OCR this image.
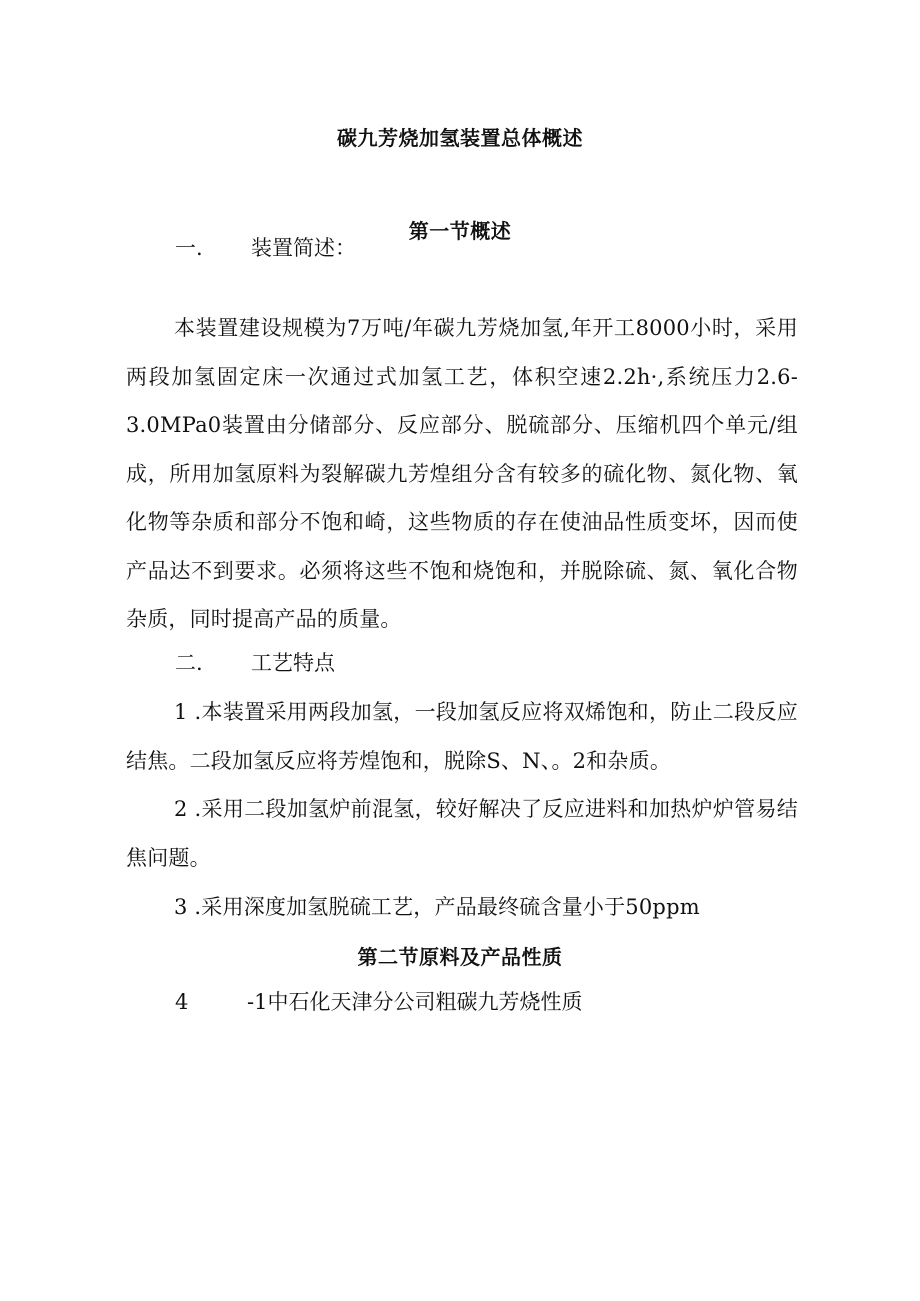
碳九芳烧加氢装置总体概述
第一节概述
一. 装置简述：
本装置建设规模为7万吨/年碳九芳烧加氢,年开工8000小时，采用两段加氢固定床一次通过式加氢工艺，体积空速2.2h·,系统压力2.6-3.0MPa0装置由分储部分、反应部分、脱硫部分、压缩机四个单元/组成，所用加氢原料为裂解碳九芳煌组分含有较多的硫化物、氮化物、氧化物等杂质和部分不饱和崎，这些物质的存在使油品性质变坏，因而使产品达不到要求。必须将这些不饱和烧饱和，并脱除硫、氮、氧化合物杂质，同时提高产品的质量。
二. 工艺特点
1 .本装置采用两段加氢，一段加氢反应将双烯饱和，防止二段反应结焦。二段加氢反应将芳煌饱和，脱除S、N、。2和杂质。
2 .采用二段加氢炉前混氢，较好解决了反应进料和加热炉炉管易结焦问题。
3 .采用深度加氢脱硫工艺，产品最终硫含量小于50ppm
第二节原料及产品性质
4	-1中石化天津分公司粗碳九芳烧性质
